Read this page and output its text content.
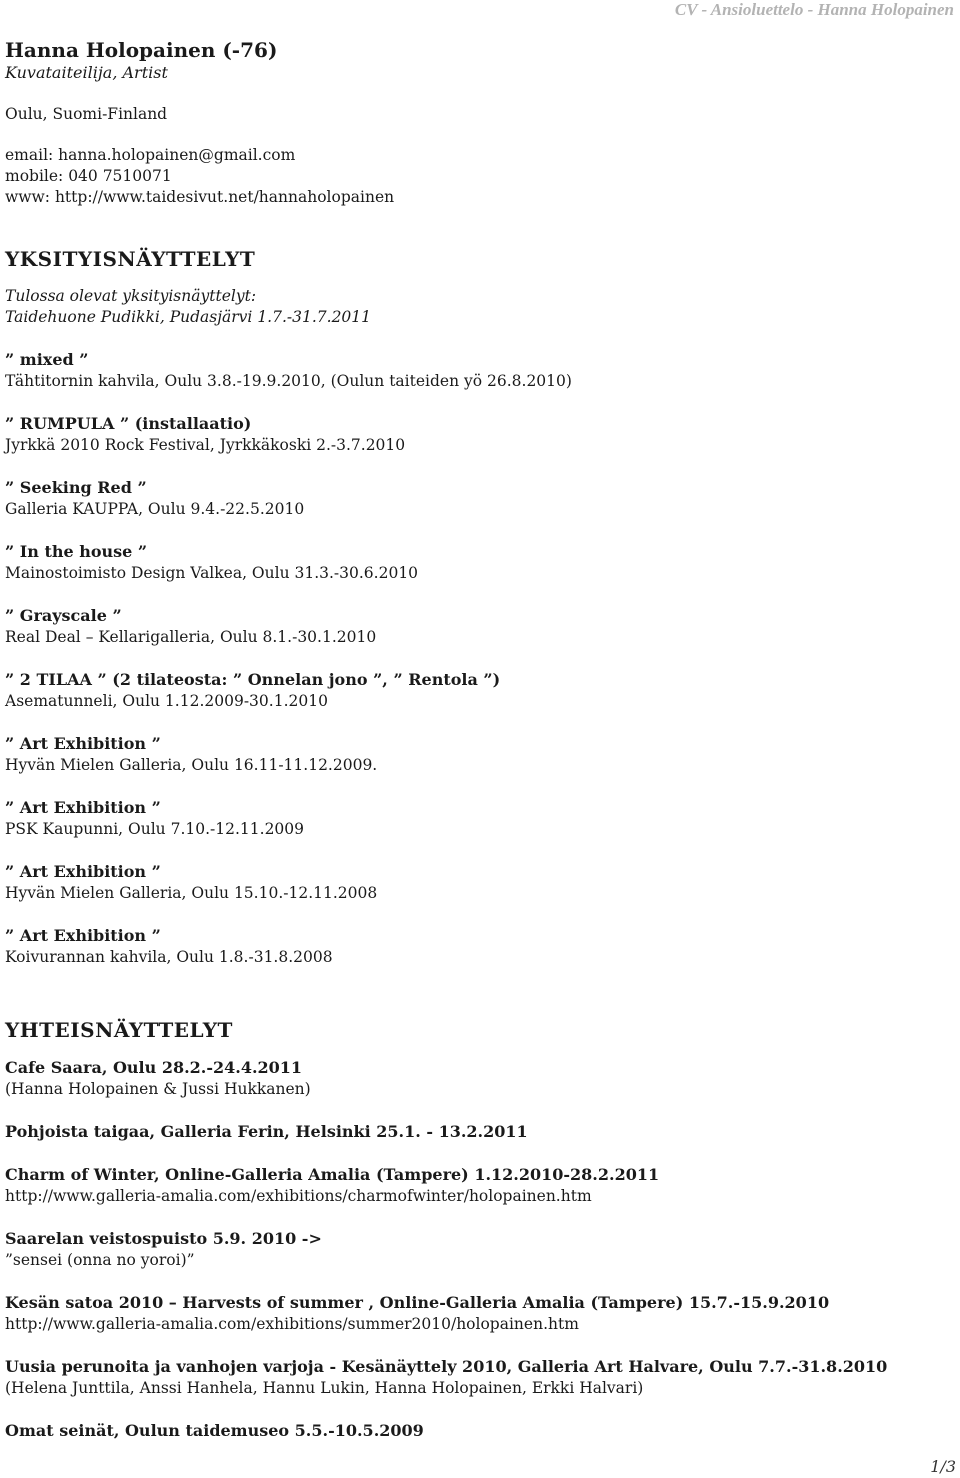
CV - Ansioluettelo - Hanna Holopainen

Hanna Holopainen (-76)

Kuvataiteilija, Artist

Oulu, Suomi-Finland

email: hanna.holopainen@gmail.com

mobile: 040 7510071

www: http://www.taidesivut.net/hannaholopainen

YKSITYISNÄYTTELYT
Tulossa olevat yksityisnäyttelyt:
Taidehuone Pudikki, Pudasjärvi 1.7.-31.7.2011
” mixed ”
Tähtitornin kahvila, Oulu 3.8.-19.9.2010, (Oulun taiteiden yö 26.8.2010)
” RUMPULA ” (installaatio)
Jyrkkä 2010 Rock Festival, Jyrkkäkoski 2.-3.7.2010
” Seeking Red ”
Galleria KAUPPA, Oulu 9.4.-22.5.2010
” In the house ”
Mainostoimisto Design Valkea, Oulu 31.3.-30.6.2010
” Grayscale ”
Real Deal – Kellarigalleria, Oulu 8.1.-30.1.2010
” 2 TILAA ” (2 tilateosta: ” Onnelan jono ”, ” Rentola ”)
Asematunneli, Oulu 1.12.2009-30.1.2010
” Art Exhibition ”
Hyvän Mielen Galleria, Oulu 16.11-11.12.2009.
” Art Exhibition ”
PSK Kaupunni, Oulu 7.10.-12.11.2009
” Art Exhibition ”
Hyvän Mielen Galleria, Oulu 15.10.-12.11.2008
” Art Exhibition ”
Koivurannan kahvila, Oulu 1.8.-31.8.2008
YHTEISNÄYTTELYT
Cafe Saara, Oulu 28.2.-24.4.2011
(Hanna Holopainen & Jussi Hukkanen)
Pohjoista taigaa, Galleria Ferin, Helsinki 25.1. - 13.2.2011
Charm of Winter, Online-Galleria Amalia (Tampere) 1.12.2010-28.2.2011
http://www.galleria-amalia.com/exhibitions/charmofwinter/holopainen.htm
Saarelan veistospuisto 5.9. 2010 ->
”sensei (onna no yoroi)”
Kesän satoa 2010 – Harvests of summer , Online-Galleria Amalia (Tampere) 15.7.-15.9.2010
http://www.galleria-amalia.com/exhibitions/summer2010/holopainen.htm
Uusia perunoita ja vanhojen varjoja - Kesänäyttely 2010, Galleria Art Halvare, Oulu 7.7.-31.8.2010
(Helena Junttila, Anssi Hanhela, Hannu Lukin, Hanna Holopainen, Erkki Halvari)
Omat seinät, Oulun taidemuseo 5.5.-10.5.2009
1/3
